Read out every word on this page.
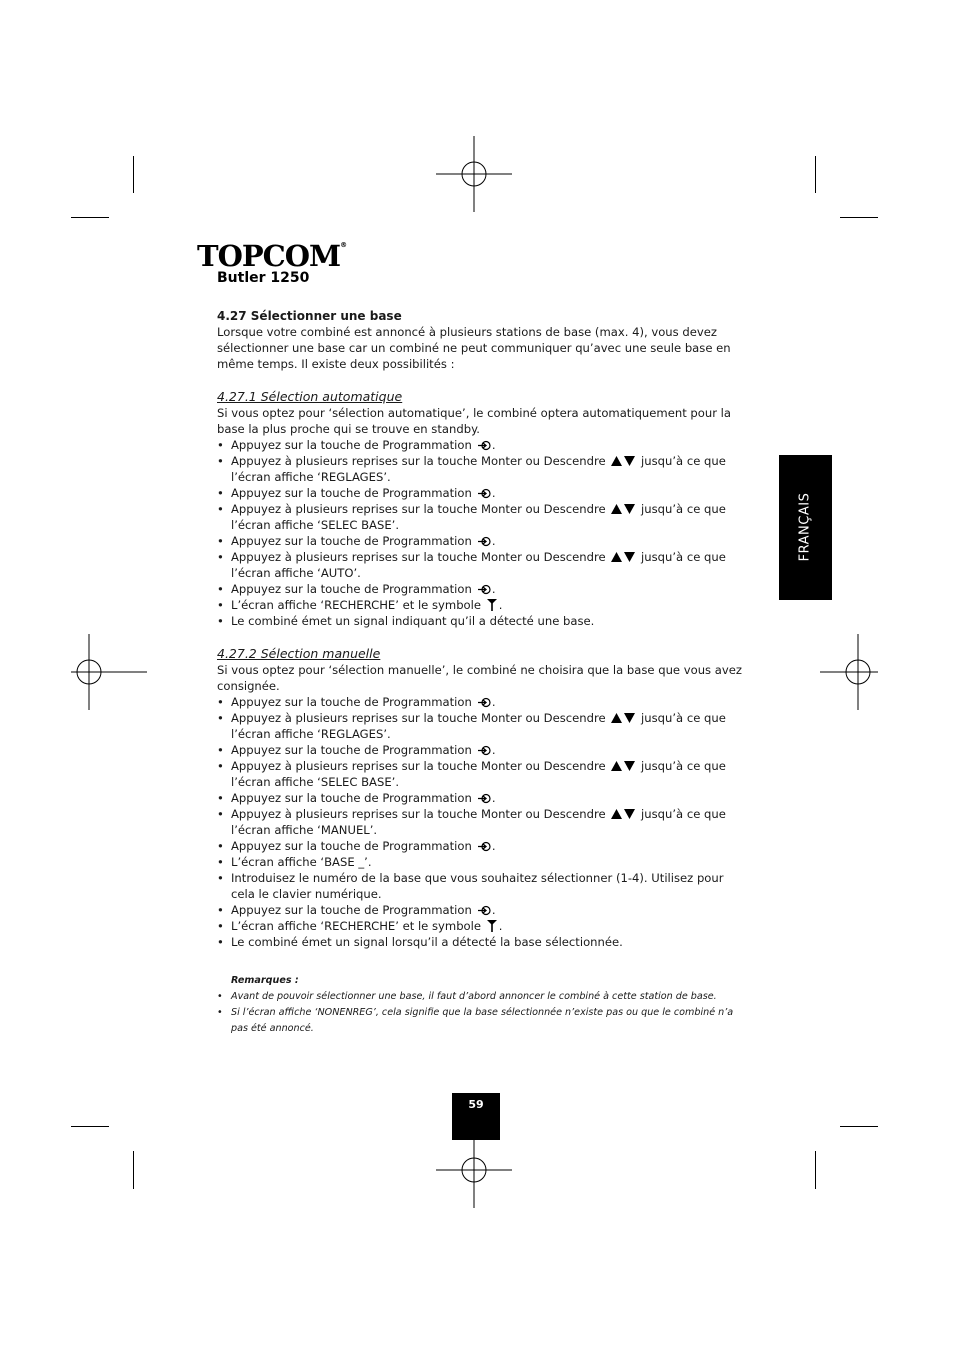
TOPCOM®
Butler 1250
FRANÇAIS

4.27 Sélectionner une base

Lorsque votre combiné est annoncé à plusieurs stations de base (max. 4), vous devez sélectionner une base car un combiné ne peut communiquer qu’avec une seule base en même temps. Il existe deux possibilités :

4.27.1 Sélection automatique

Si vous optez pour ‘sélection automatique’, le combiné optera automatiquement pour la base la plus proche qui se trouve en standby.

• Appuyez sur la touche de Programmation .
• Appuyez à plusieurs reprises sur la touche Monter ou Descendre	jusqu’à ce que l’écran affiche ‘REGLAGES’.
• Appuyez sur la touche de Programmation .
• Appuyez à plusieurs reprises sur la touche Monter ou Descendre	jusqu’à ce que l’écran affiche ‘SELEC BASE’.
• Appuyez sur la touche de Programmation .
• Appuyez à plusieurs reprises sur la touche Monter ou Descendre	jusqu’à ce que l’écran affiche ‘AUTO’.
• Appuyez sur la touche de Programmation .
• L’écran affiche ‘RECHERCHE’ et le symbole .
• Le combiné émet un signal indiquant qu’il a détecté une base.

4.27.2 Sélection manuelle

Si vous optez pour ‘sélection manuelle’, le combiné ne choisira que la base que vous avez consignée.

• Appuyez sur la touche de Programmation .
• Appuyez à plusieurs reprises sur la touche Monter ou Descendre	jusqu’à ce que l’écran affiche ‘REGLAGES’.
• Appuyez sur la touche de Programmation .
• Appuyez à plusieurs reprises sur la touche Monter ou Descendre	jusqu’à ce que l’écran affiche ‘SELEC BASE’.
• Appuyez sur la touche de Programmation .
• Appuyez à plusieurs reprises sur la touche Monter ou Descendre	jusqu’à ce que l’écran affiche ‘MANUEL’.
• Appuyez sur la touche de Programmation .
• L’écran affiche ‘BASE _’.
• Introduisez le numéro de la base que vous souhaitez sélectionner (1-4). Utilisez pour cela le clavier numérique.
• Appuyez sur la touche de Programmation .
• L’écran affiche ‘RECHERCHE’ et le symbole .
• Le combiné émet un signal lorsqu’il a détecté la base sélectionnée.
Remarques :
• Avant de pouvoir sélectionner une base, il faut d’abord annoncer le combiné à cette station de base.
• Si l’écran affiche ‘NONENREG’, cela signifie que la base sélectionnée n’existe pas ou que le combiné n’a pas été annoncé.
59
